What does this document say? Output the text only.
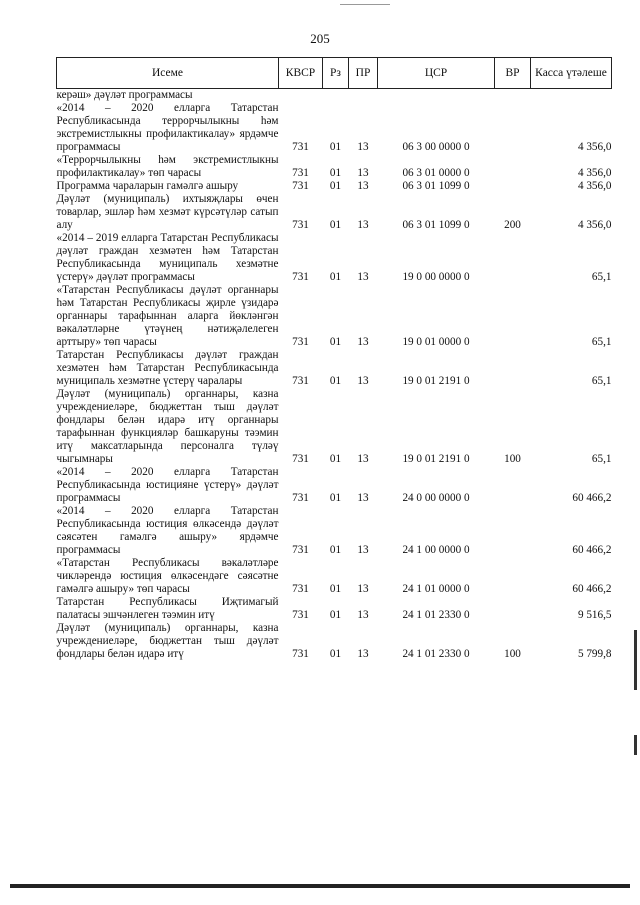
205
Исеме	КВСР	Рз	ПР	ЦСР	ВР	Касса үтәлеше
керәш» дәүләт программасы						
«2014 – 2020 елларга Татарстан Республикасында террорчылыкны һәм экстремистлыкны профилактикалау» ярдәмче программасы	731	01	13	06 3 00 0000 0		4 356,0
«Террорчылыкны һәм экстремистлыкны профилактикалау» төп чарасы	731	01	13	06 3 01 0000 0		4 356,0
Программа чараларын гамәлгә ашыру	731	01	13	06 3 01 1099 0		4 356,0
Дәүләт (муниципаль) ихтыяҗлары өчен товарлар, эшләр һәм хезмәт күрсәтүләр сатып алу	731	01	13	06 3 01 1099 0	200	4 356,0
«2014 – 2019 елларга Татарстан Республикасы дәүләт граждан хезмәтен һәм Татарстан Республикасында муниципаль хезмәтне үстерү» дәүләт программасы	731	01	13	19 0 00 0000 0		65,1
«Татарстан Республикасы дәүләт органнары һәм Татарстан Республикасы җирле үзидарә органнары тарафыннан аларга йөкләнгән вәкаләтләрне үтәүнең нәтиҗәлелеген арттыру» төп чарасы	731	01	13	19 0 01 0000 0		65,1
Татарстан Республикасы дәүләт граждан хезмәтен һәм Татарстан Республикасында муниципаль хезмәтне үстерү чаралары	731	01	13	19 0 01 2191 0		65,1
Дәүләт (муниципаль) органнары, казна учреждениеләре, бюджеттан тыш дәүләт фондлары белән идарә итү органнары тарафыннан функцияләр башкаруны тәэмин итү максатларында персоналга түләү чыгымнары	731	01	13	19 0 01 2191 0	100	65,1
«2014 – 2020 елларга Татарстан Республикасында юстицияне үстерү» дәүләт программасы	731	01	13	24 0 00 0000 0		60 466,2
«2014 – 2020 елларга Татарстан Республикасында юстиция өлкәсендә дәүләт сәясәтен гамәлгә ашыру» ярдәмче программасы	731	01	13	24 1 00 0000 0		60 466,2
«Татарстан Республикасы вәкаләтләре чикләрендә юстиция өлкәсендәге сәясәтне гамәлгә ашыру» төп чарасы	731	01	13	24 1 01 0000 0		60 466,2
Татарстан Республикасы Иҗтимагый палатасы эшчәнлеген тәэмин итү	731	01	13	24 1 01 2330 0		9 516,5
Дәүләт (муниципаль) органнары, казна учреждениеләре, бюджеттан тыш дәүләт фондлары белән идарә итү	731	01	13	24 1 01 2330 0	100	5 799,8
